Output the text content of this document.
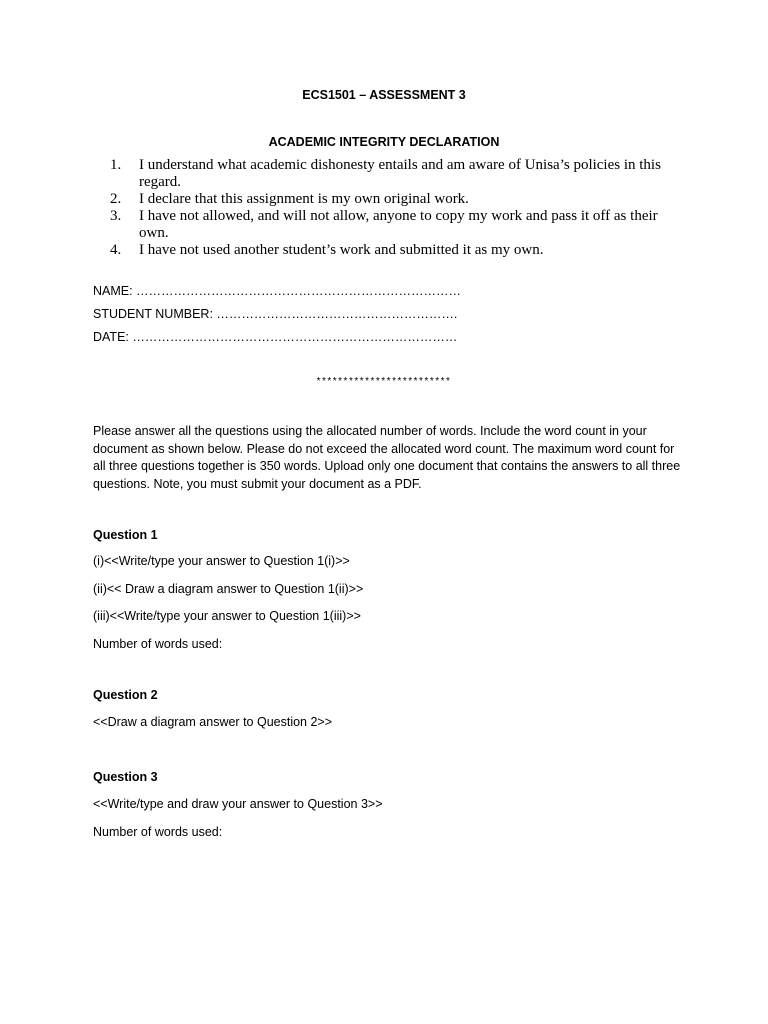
ECS1501 – ASSESSMENT 3
ACADEMIC INTEGRITY DECLARATION
1.	I understand what academic dishonesty entails and am aware of Unisa’s policies in this regard.
2.	I declare that this assignment is my own original work.
3.	I have not allowed, and will not allow, anyone to copy my work and pass it off as their own.
4.	I have not used another student’s work and submitted it as my own.
NAME: ……………………………………………………………………
STUDENT NUMBER: ………………………………………………….
DATE: ……………………………………………………………………
*************************

Please answer all the questions using the allocated number of words. Include the word count in your document as shown below. Please do not exceed the allocated word count. The maximum word count for all three questions together is 350 words. Upload only one document that contains the answers to all three questions. Note, you must submit your document as a PDF.

Question 1
(i)<<Write/type your answer to Question 1(i)>>
(ii)<< Draw a diagram answer to Question 1(ii)>>
(iii)<<Write/type your answer to Question 1(iii)>>
Number of words used:
Question 2
<<Draw a diagram answer to Question 2>>
Question 3
<<Write/type and draw your answer to Question 3>>
Number of words used:
